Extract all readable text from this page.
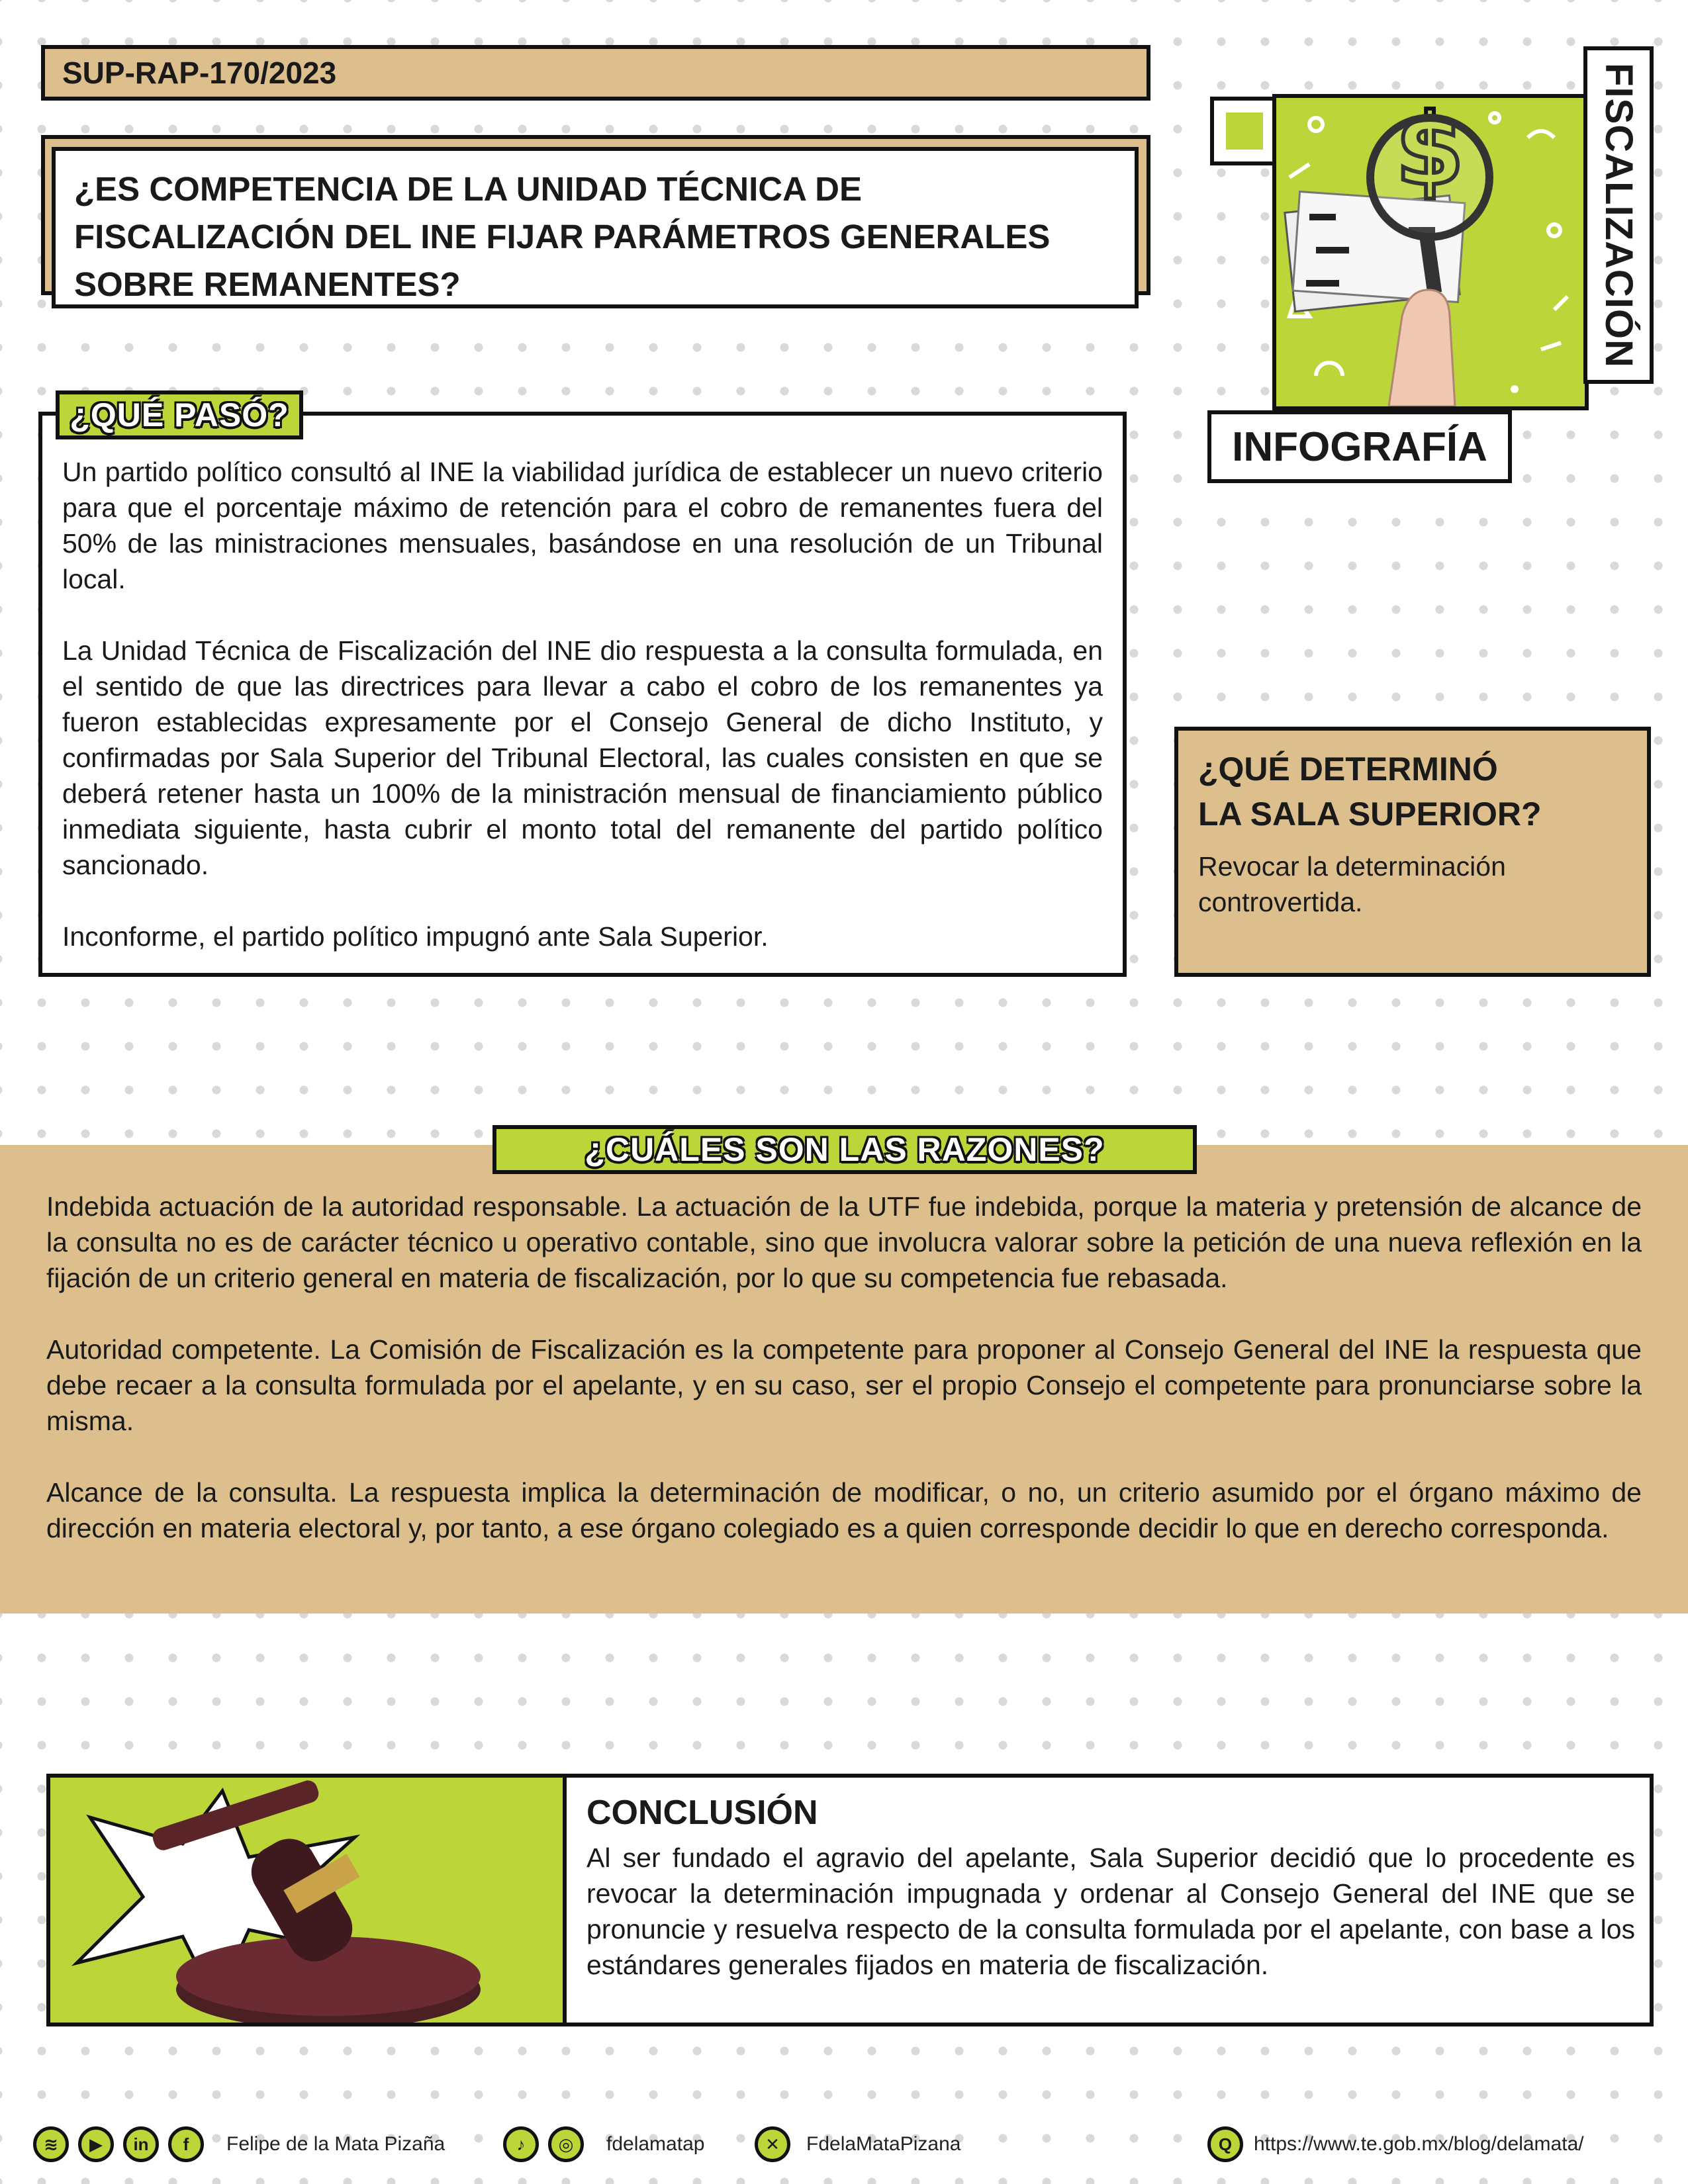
SUP-RAP-170/2023
¿ES COMPETENCIA DE LA UNIDAD TÉCNICA DE FISCALIZACIÓN DEL INE FIJAR PARÁMETROS GENERALES SOBRE REMANENTES?	FISCALIZACIÓN
INFOGRAFÍA
¿QUÉ PASÓ?

Un partido político consultó al INE la viabilidad jurídica de establecer un nuevo criterio para que el porcentaje máximo de retención para el cobro de remanentes fuera del 50% de las ministraciones mensuales, basándose en una resolución de un Tribunal local.

La Unidad Técnica de Fiscalización del INE dio respuesta a la consulta formulada, en el sentido de que las directrices para llevar a cabo el cobro de los remanentes ya fueron establecidas expresamente por el Consejo General de dicho Instituto, y confirmadas por Sala Superior del Tribunal Electoral, las cuales consisten en que se deberá retener hasta un 100% de la ministración mensual de financiamiento público inmediata siguiente, hasta cubrir el monto total del remanente del partido político sancionado.

Inconforme, el partido político impugnó ante Sala Superior.

¿QUÉ DETERMINÓ
LA SALA SUPERIOR?
Revocar la determinación controvertida.

Indebida actuación de la autoridad responsable. La actuación de la UTF fue indebida, porque la materia y pretensión de alcance de la consulta no es de carácter técnico u operativo contable, sino que involucra valorar sobre la petición de una nueva reflexión en la fijación de un criterio general en materia de fiscalización, por lo que su competencia fue rebasada.

Autoridad competente. La Comisión de Fiscalización es la competente para proponer al Consejo General del INE la respuesta que debe recaer a la consulta formulada por el apelante, y en su caso, ser el propio Consejo el competente para pronunciarse sobre la misma.

Alcance de la consulta. La respuesta implica la determinación de modificar, o no, un criterio asumido por el órgano máximo de dirección en materia electoral y, por tanto, a ese órgano colegiado es a quien corresponde decidir lo que en derecho corresponda.

¿CUÁLES SON LAS RAZONES?
CONCLUSIÓN
Al ser fundado el agravio del apelante, Sala Superior decidió que lo procedente es revocar la determinación impugnada y ordenar al Consejo General del INE que se pronuncie y resuelva respecto de la consulta formulada por el apelante, con base a los estándares generales fijados en materia de fiscalización.
≋	▶	in	f	Felipe de la Mata Pizaña	♪	◎	fdelamatap	✕	FdelaMataPizana	Q	https://www.te.gob.mx/blog/delamata/
